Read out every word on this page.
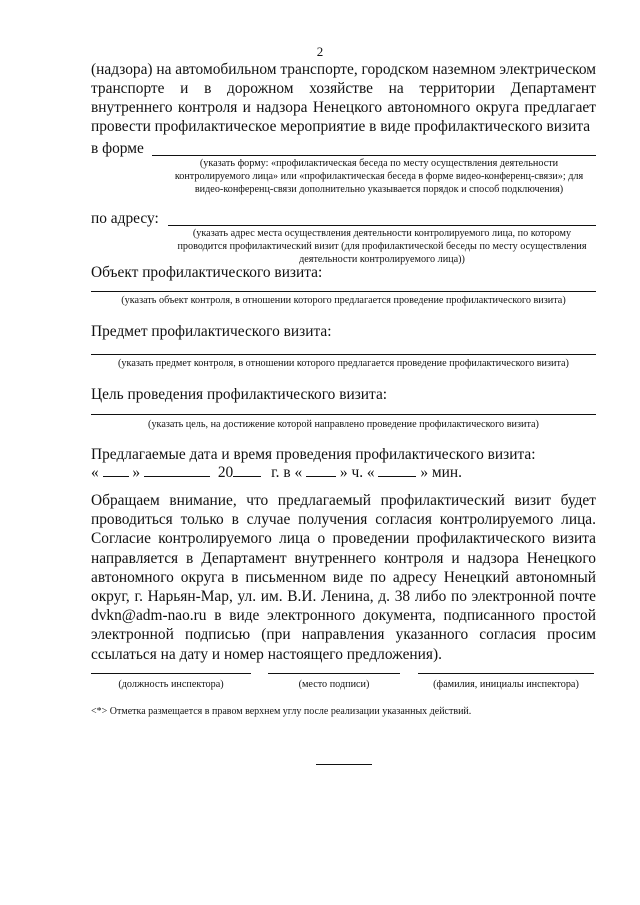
2
(надзора) на автомобильном транспорте, городском наземном электрическом транспорте и в дорожном хозяйстве на территории Департамент внутреннего контроля и надзора Ненецкого автономного округа предлагает провести профилактическое мероприятие в виде профилактического визита
в форме
(указать форму: «профилактическая беседа по месту осуществления деятельности контролируемого лица» или «профилактическая беседа в форме видео-конференц-связи»; для видео-конференц-связи дополнительно указывается порядок и способ подключения)
по адресу:
(указать адрес места осуществления деятельности контролируемого лица, по которому проводится профилактический визит (для профилактической беседы по месту осуществления деятельности контролируемого лица))
Объект профилактического визита:
(указать объект контроля, в отношении которого предлагается проведение профилактического визита)
Предмет профилактического визита:
(указать предмет контроля, в отношении которого предлагается проведение профилактического визита)
Цель проведения профилактического визита:
(указать цель, на достижение которой направлено проведение профилактического визита)
Предлагаемые дата и время проведения профилактического визита:
« »	20 г. в « » ч. «	» мин.
Обращаем внимание, что предлагаемый профилактический визит будет проводиться только в случае получения согласия контролируемого лица. Согласие контролируемого лица о проведении профилактического визита направляется в Департамент внутреннего контроля и надзора Ненецкого автономного округа в письменном виде по адресу Ненецкий автономный округ, г. Нарьян-Мар, ул. им. В.И. Ленина, д. 38 либо по электронной почте dvkn@adm-nao.ru в виде электронного документа, подписанного простой электронной подписью (при направления указанного согласия просим ссылаться на дату и номер настоящего предложения).
(должность инспектора)	(место подписи)	(фамилия, инициалы инспектора)
<*> Отметка размещается в правом верхнем углу после реализации указанных действий.
